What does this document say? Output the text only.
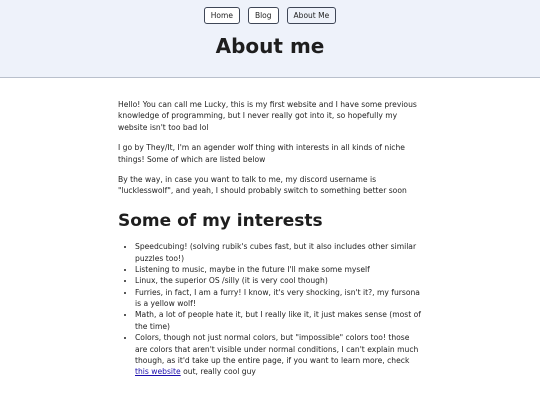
Home	Blog	About Me
About me

Hello! You can call me Lucky, this is my first website and I have some previous knowledge of programming, but I never really got into it, so hopefully my website isn't too bad lol

I go by They/It, I'm an agender wolf thing with interests in all kinds of niche things! Some of which are listed below

By the way, in case you want to talk to me, my discord username is "lucklesswolf", and yeah, I should probably switch to something better soon

Some of my interests
• Speedcubing! (solving rubik's cubes fast, but it also includes other similar puzzles too!)
• Listening to music, maybe in the future I'll make some myself
• Linux, the superior OS /silly (it is very cool though)
• Furries, in fact, I am a furry! I know, it's very shocking, isn't it?, my fursona is a yellow wolf!
• Math, a lot of people hate it, but I really like it, it just makes sense (most of the time)
• Colors, though not just normal colors, but "impossible" colors too! those are colors that aren't visible under normal conditions, I can't explain much though, as it'd take up the entire page, if you want to learn more, check this website out, really cool guy
